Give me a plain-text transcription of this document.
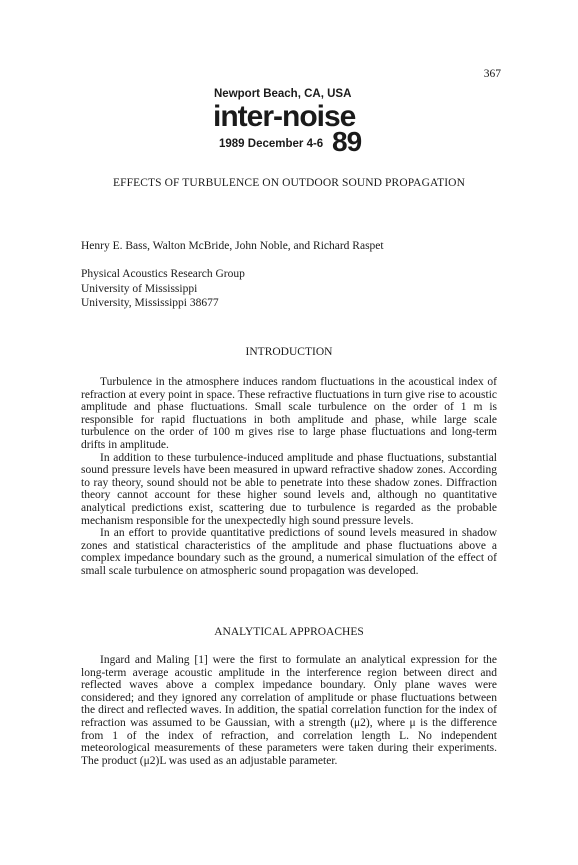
367
Newport Beach, CA, USA
inter-noise
1989 December 4-6 89
EFFECTS OF TURBULENCE ON OUTDOOR SOUND PROPAGATION
Henry E. Bass, Walton McBride, John Noble, and Richard Raspet
Physical Acoustics Research Group
University of Mississippi
University, Mississippi 38677
INTRODUCTION

Turbulence in the atmosphere induces random fluctuations in the acoustical index of refraction at every point in space. These refractive fluctuations in turn give rise to acoustic amplitude and phase fluctuations. Small scale turbulence on the order of 1 m is responsible for rapid fluctuations in both amplitude and phase, while large scale turbulence on the order of 100 m gives rise to large phase fluctuations and long-term drifts in amplitude.

In addition to these turbulence-induced amplitude and phase fluctuations, substantial sound pressure levels have been measured in upward refractive shadow zones. According to ray theory, sound should not be able to penetrate into these shadow zones. Diffraction theory cannot account for these higher sound levels and, although no quantitative analytical predictions exist, scattering due to turbulence is regarded as the probable mechanism responsible for the unexpectedly high sound pressure levels.

In an effort to provide quantitative predictions of sound levels measured in shadow zones and statistical characteristics of the amplitude and phase fluctuations above a complex impedance boundary such as the ground, a numerical simulation of the effect of small scale turbulence on atmospheric sound propagation was developed.

ANALYTICAL APPROACHES

Ingard and Maling [1] were the first to formulate an analytical expression for the long-term average acoustic amplitude in the interference region between direct and reflected waves above a complex impedance boundary. Only plane waves were considered; and they ignored any correlation of amplitude or phase fluctuations between the direct and reflected waves. In addition, the spatial correlation function for the index of refraction was assumed to be Gaussian, with a strength (μ2), where μ is the difference from 1 of the index of refraction, and correlation length L. No independent meteorological measurements of these parameters were taken during their experiments. The product (μ2)L was used as an adjustable parameter.
